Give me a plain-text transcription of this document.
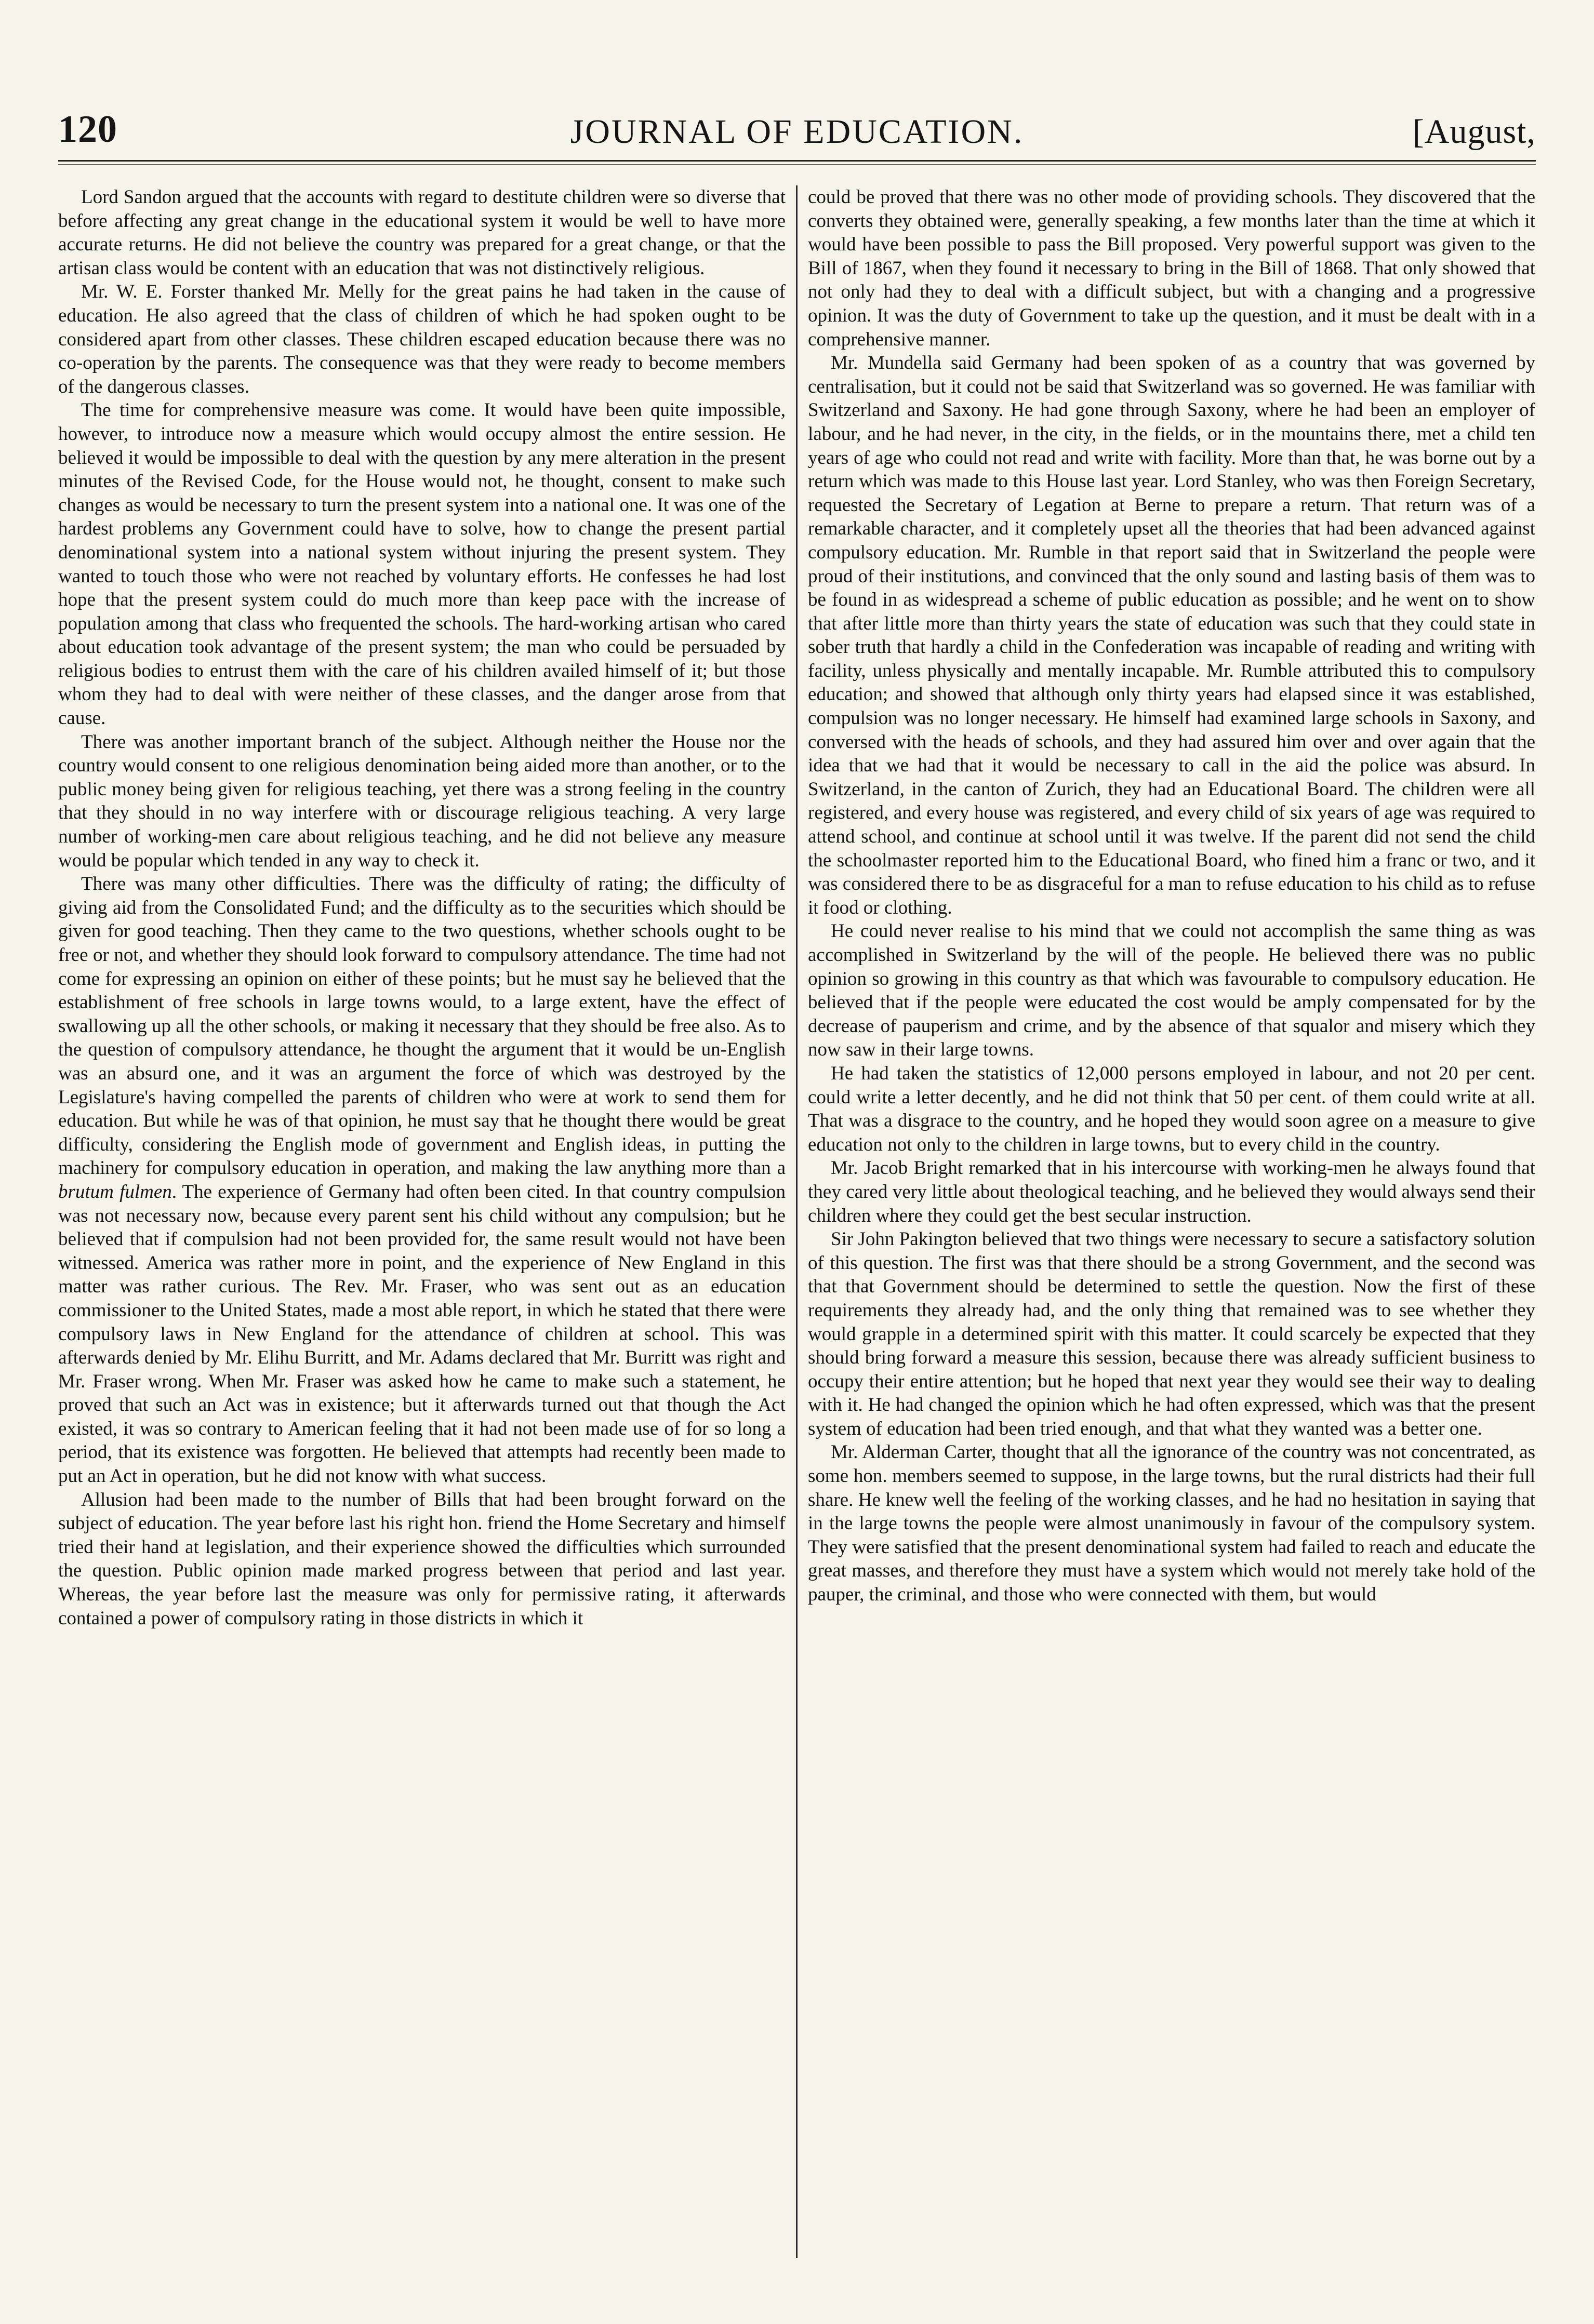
120	JOURNAL OF EDUCATION.	[August,

Lord Sandon argued that the accounts with regard to destitute children were so diverse that before affecting any great change in the educational system it would be well to have more accurate returns. He did not believe the country was prepared for a great change, or that the artisan class would be content with an education that was not distinctively religious.

Mr. W. E. Forster thanked Mr. Melly for the great pains he had taken in the cause of education. He also agreed that the class of children of which he had spoken ought to be considered apart from other classes. These children escaped education because there was no co-operation by the parents. The consequence was that they were ready to become members of the dangerous classes.

The time for comprehensive measure was come. It would have been quite impossible, however, to introduce now a measure which would occupy almost the entire session. He believed it would be impossible to deal with the question by any mere alteration in the present minutes of the Revised Code, for the House would not, he thought, consent to make such changes as would be necessary to turn the present system into a national one. It was one of the hardest problems any Government could have to solve, how to change the present partial denominational system into a national system without injuring the present system. They wanted to touch those who were not reached by voluntary efforts. He confesses he had lost hope that the present system could do much more than keep pace with the increase of population among that class who frequented the schools. The hard-working artisan who cared about education took advantage of the present system; the man who could be persuaded by religious bodies to entrust them with the care of his children availed himself of it; but those whom they had to deal with were neither of these classes, and the danger arose from that cause.

There was another important branch of the subject. Although neither the House nor the country would consent to one religious denomination being aided more than another, or to the public money being given for religious teaching, yet there was a strong feeling in the country that they should in no way interfere with or discourage religious teaching. A very large number of working-men care about religious teaching, and he did not believe any measure would be popular which tended in any way to check it.

There was many other difficulties. There was the difficulty of rating; the difficulty of giving aid from the Consolidated Fund; and the difficulty as to the securities which should be given for good teaching. Then they came to the two questions, whether schools ought to be free or not, and whether they should look forward to compulsory attendance. The time had not come for expressing an opinion on either of these points; but he must say he believed that the establishment of free schools in large towns would, to a large extent, have the effect of swallowing up all the other schools, or making it necessary that they should be free also. As to the question of compulsory attendance, he thought the argument that it would be un-English was an absurd one, and it was an argument the force of which was destroyed by the Legislature's having compelled the parents of children who were at work to send them for education. But while he was of that opinion, he must say that he thought there would be great difficulty, considering the English mode of government and English ideas, in putting the machinery for compulsory education in operation, and making the law anything more than a brutum fulmen. The experience of Germany had often been cited. In that country compulsion was not necessary now, because every parent sent his child without any compulsion; but he believed that if compulsion had not been provided for, the same result would not have been witnessed. America was rather more in point, and the experience of New England in this matter was rather curious. The Rev. Mr. Fraser, who was sent out as an education commissioner to the United States, made a most able report, in which he stated that there were compulsory laws in New England for the attendance of children at school. This was afterwards denied by Mr. Elihu Burritt, and Mr. Adams declared that Mr. Burritt was right and Mr. Fraser wrong. When Mr. Fraser was asked how he came to make such a statement, he proved that such an Act was in existence; but it afterwards turned out that though the Act existed, it was so contrary to American feeling that it had not been made use of for so long a period, that its existence was forgotten. He believed that attempts had recently been made to put an Act in operation, but he did not know with what success.

Allusion had been made to the number of Bills that had been brought forward on the subject of education. The year before last his right hon. friend the Home Secretary and himself tried their hand at legislation, and their experience showed the difficulties which surrounded the question. Public opinion made marked progress between that period and last year. Whereas, the year before last the measure was only for permissive rating, it afterwards contained a power of compulsory rating in those districts in which it

could be proved that there was no other mode of providing schools. They discovered that the converts they obtained were, generally speaking, a few months later than the time at which it would have been possible to pass the Bill proposed. Very powerful support was given to the Bill of 1867, when they found it necessary to bring in the Bill of 1868. That only showed that not only had they to deal with a difficult subject, but with a changing and a progressive opinion. It was the duty of Government to take up the question, and it must be dealt with in a comprehensive manner.

Mr. Mundella said Germany had been spoken of as a country that was governed by centralisation, but it could not be said that Switzerland was so governed. He was familiar with Switzerland and Saxony. He had gone through Saxony, where he had been an employer of labour, and he had never, in the city, in the fields, or in the mountains there, met a child ten years of age who could not read and write with facility. More than that, he was borne out by a return which was made to this House last year. Lord Stanley, who was then Foreign Secretary, requested the Secretary of Legation at Berne to prepare a return. That return was of a remarkable character, and it completely upset all the theories that had been advanced against compulsory education. Mr. Rumble in that report said that in Switzerland the people were proud of their institutions, and convinced that the only sound and lasting basis of them was to be found in as widespread a scheme of public education as possible; and he went on to show that after little more than thirty years the state of education was such that they could state in sober truth that hardly a child in the Confederation was incapable of reading and writing with facility, unless physically and mentally incapable. Mr. Rumble attributed this to compulsory education; and showed that although only thirty years had elapsed since it was established, compulsion was no longer necessary. He himself had examined large schools in Saxony, and conversed with the heads of schools, and they had assured him over and over again that the idea that we had that it would be necessary to call in the aid the police was absurd. In Switzerland, in the canton of Zurich, they had an Educational Board. The children were all registered, and every house was registered, and every child of six years of age was required to attend school, and continue at school until it was twelve. If the parent did not send the child the schoolmaster reported him to the Educational Board, who fined him a franc or two, and it was considered there to be as disgraceful for a man to refuse education to his child as to refuse it food or clothing.

He could never realise to his mind that we could not accomplish the same thing as was accomplished in Switzerland by the will of the people. He believed there was no public opinion so growing in this country as that which was favourable to compulsory education. He believed that if the people were educated the cost would be amply compensated for by the decrease of pauperism and crime, and by the absence of that squalor and misery which they now saw in their large towns.

He had taken the statistics of 12,000 persons employed in labour, and not 20 per cent. could write a letter decently, and he did not think that 50 per cent. of them could write at all. That was a disgrace to the country, and he hoped they would soon agree on a measure to give education not only to the children in large towns, but to every child in the country.

Mr. Jacob Bright remarked that in his intercourse with working-men he always found that they cared very little about theological teaching, and he believed they would always send their children where they could get the best secular instruction.

Sir John Pakington believed that two things were necessary to secure a satisfactory solution of this question. The first was that there should be a strong Government, and the second was that that Government should be determined to settle the question. Now the first of these requirements they already had, and the only thing that remained was to see whether they would grapple in a determined spirit with this matter. It could scarcely be expected that they should bring forward a measure this session, because there was already sufficient business to occupy their entire attention; but he hoped that next year they would see their way to dealing with it. He had changed the opinion which he had often expressed, which was that the present system of education had been tried enough, and that what they wanted was a better one.

Mr. Alderman Carter, thought that all the ignorance of the country was not concentrated, as some hon. members seemed to suppose, in the large towns, but the rural districts had their full share. He knew well the feeling of the working classes, and he had no hesitation in saying that in the large towns the people were almost unanimously in favour of the compulsory system. They were satisfied that the present denominational system had failed to reach and educate the great masses, and therefore they must have a system which would not merely take hold of the pauper, the criminal, and those who were connected with them, but would
